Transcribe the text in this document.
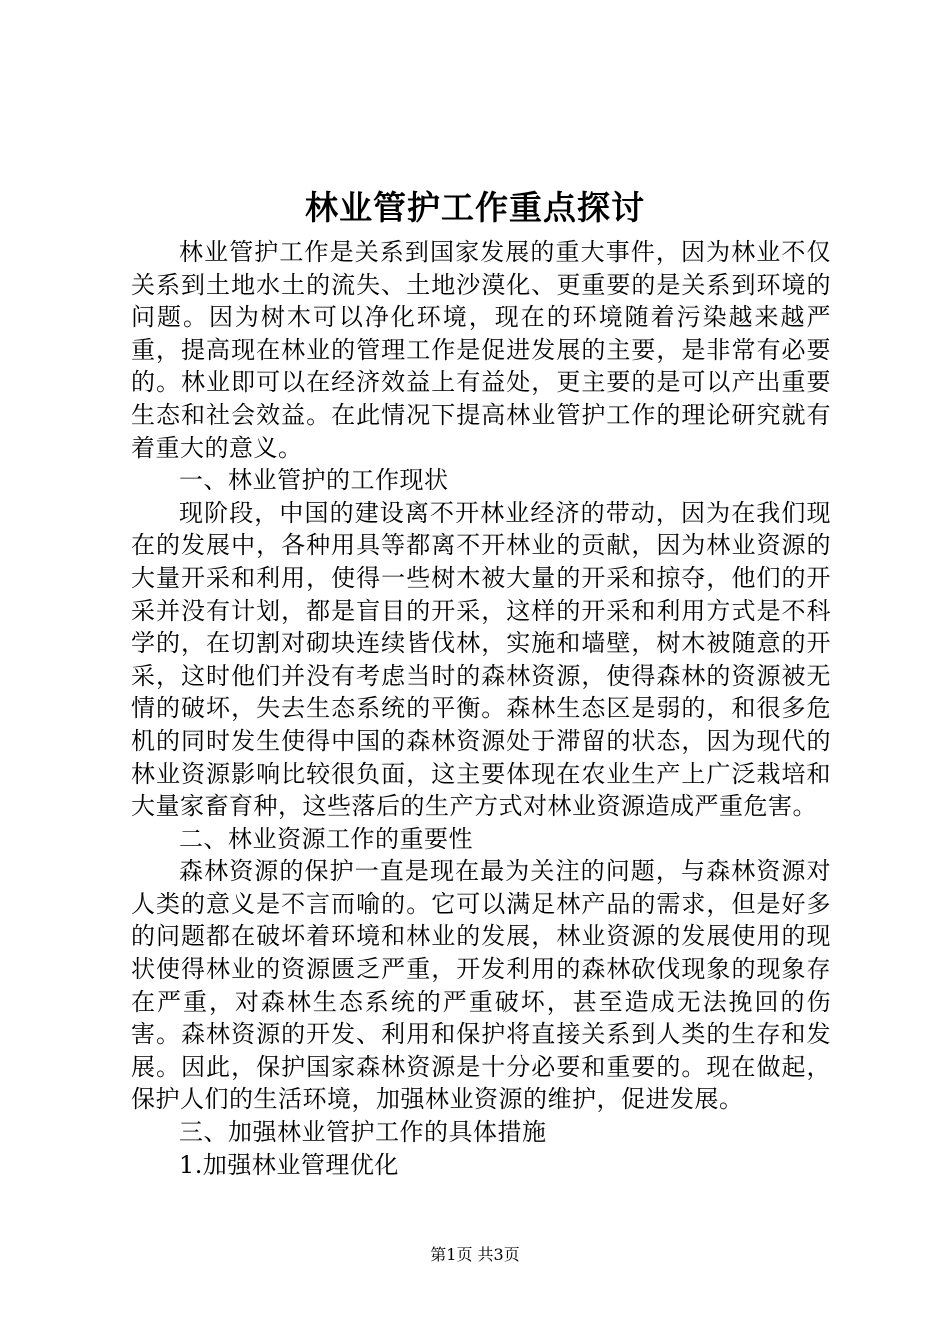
林业管护工作重点探讨

林业管护工作是关系到国家发展的重大事件，因为林业不仅关系到土地水土的流失、土地沙漠化、更重要的是关系到环境的问题。因为树木可以净化环境，现在的环境随着污染越来越严重，提高现在林业的管理工作是促进发展的主要，是非常有必要的。林业即可以在经济效益上有益处，更主要的是可以产出重要生态和社会效益。在此情况下提高林业管护工作的理论研究就有着重大的意义。

一、林业管护的工作现状

现阶段，中国的建设离不开林业经济的带动，因为在我们现在的发展中，各种用具等都离不开林业的贡献，因为林业资源的大量开采和利用，使得一些树木被大量的开采和掠夺，他们的开采并没有计划，都是盲目的开采，这样的开采和利用方式是不科学的，在切割对砌块连续皆伐林，实施和墙壁，树木被随意的开采，这时他们并没有考虑当时的森林资源，使得森林的资源被无情的破坏，失去生态系统的平衡。森林生态区是弱的，和很多危机的同时发生使得中国的森林资源处于滞留的状态，因为现代的林业资源影响比较很负面，这主要体现在农业生产上广泛栽培和大量家畜育种，这些落后的生产方式对林业资源造成严重危害。

二、林业资源工作的重要性

森林资源的保护一直是现在最为关注的问题，与森林资源对人类的意义是不言而喻的。它可以满足林产品的需求，但是好多的问题都在破坏着环境和林业的发展，林业资源的发展使用的现状使得林业的资源匮乏严重，开发利用的森林砍伐现象的现象存在严重，对森林生态系统的严重破坏，甚至造成无法挽回的伤害。森林资源的开发、利用和保护将直接关系到人类的生存和发展。因此，保护国家森林资源是十分必要和重要的。现在做起，保护人们的生活环境，加强林业资源的维护，促进发展。

三、加强林业管护工作的具体措施

1.加强林业管理优化

第1页 共3页
